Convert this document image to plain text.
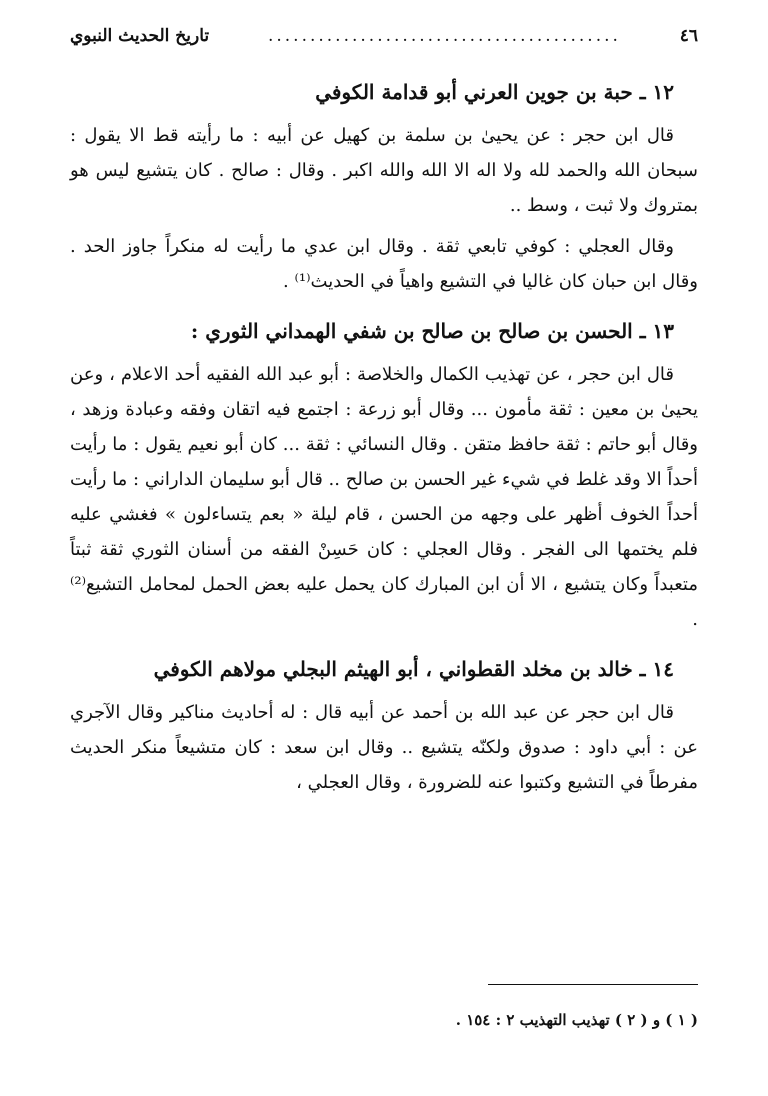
٤٦
..........................................
تاريخ الحديث النبوي
١٢ ـ حبة بن جوين العرني أبو قدامة الكوفي

قال ابن حجر : عن يحيىٰ بن سلمة بن كهيل عن أبيه : ما رأيته قط الا يقول : سبحان الله والحمد لله ولا اله الا الله والله اكبر . وقال : صالح . كان يتشيع ليس هو بمتروك ولا ثبت ، وسط ..

وقال العجلي : كوفي تابعي ثقة . وقال ابن عدي ما رأيت له منكراً جاوز الحد . وقال ابن حبان كان غاليا في التشيع واهياً في الحديث⁽¹⁾ .

١٣ ـ الحسن بن صالح بن صالح بن شفي الهمداني الثوري :

قال ابن حجر ، عن تهذيب الكمال والخلاصة : أبو عبد الله الفقيه أحد الاعلام ، وعن يحيىٰ بن معين : ثقة مأمون ... وقال أبو زرعة : اجتمع فيه اتقان وفقه وعبادة وزهد ، وقال أبو حاتم : ثقة حافظ متقن . وقال النسائي : ثقة ... كان أبو نعيم يقول : ما رأيت أحداً الا وقد غلط في شيء غير الحسن بن صالح .. قال أبو سليمان الداراني : ما رأيت أحداً الخوف أظهر على وجهه من الحسن ، قام ليلة « بعم يتساءلون » فغشي عليه فلم يختمها الى الفجر . وقال العجلي : كان حَسِنْ الفقه من أسنان الثوري ثقة ثبتاً متعبداً وكان يتشيع ، الا أن ابن المبارك كان يحمل عليه بعض الحمل لمحامل التشيع⁽²⁾ .

١٤ ـ خالد بن مخلد القطواني ، أبو الهيثم البجلي مولاهم الكوفي

قال ابن حجر عن عبد الله بن أحمد عن أبيه قال : له أحاديث مناكير وقال الآجري عن : أبي داود : صدوق ولكنّه يتشيع .. وقال ابن سعد : كان متشيعاً منكر الحديث مفرطاً في التشيع وكتبوا عنه للضرورة ، وقال العجلي ،

( ١ ) و ( ٢ ) تهذيب التهذيب ٢ : ١٥٤ .
